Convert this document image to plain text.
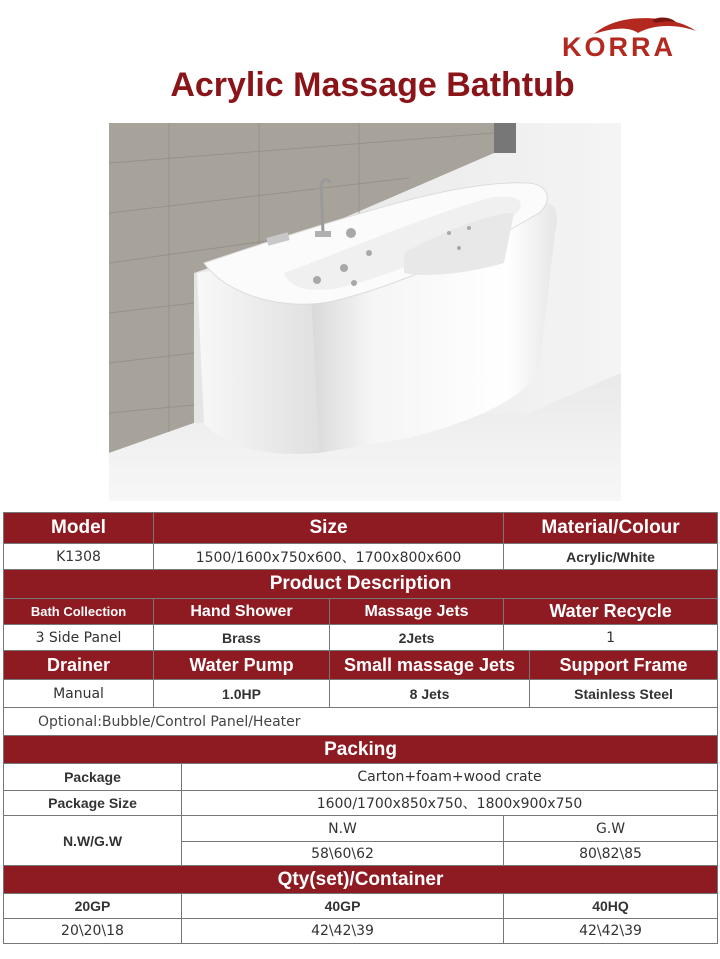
KORRA
Acrylic Massage Bathtub
Model	Size			Material/Colour	
K1308	1500/1600x750x600、1700x800x600			Acrylic/White	
Product Description					
Bath Collection	Hand Shower		Massage Jets	Water Recycle	
3 Side Panel	Brass		2Jets	1	
Drainer	Water Pump		Small massage Jets		Support Frame
Manual	1.0HP		8 Jets		Stainless Steel
Optional:Bubble/Control Panel/Heater					
Packing					
Package		Carton+foam+wood crate			
Package Size		1600/1700x850x750、1800x900x750			
N.W/G.W		N.W		G.W	
		58\60\62		80\82\85	
Qty(set)/Container					
20GP		40GP		40HQ	
20\20\18		42\42\39		42\42\39	
